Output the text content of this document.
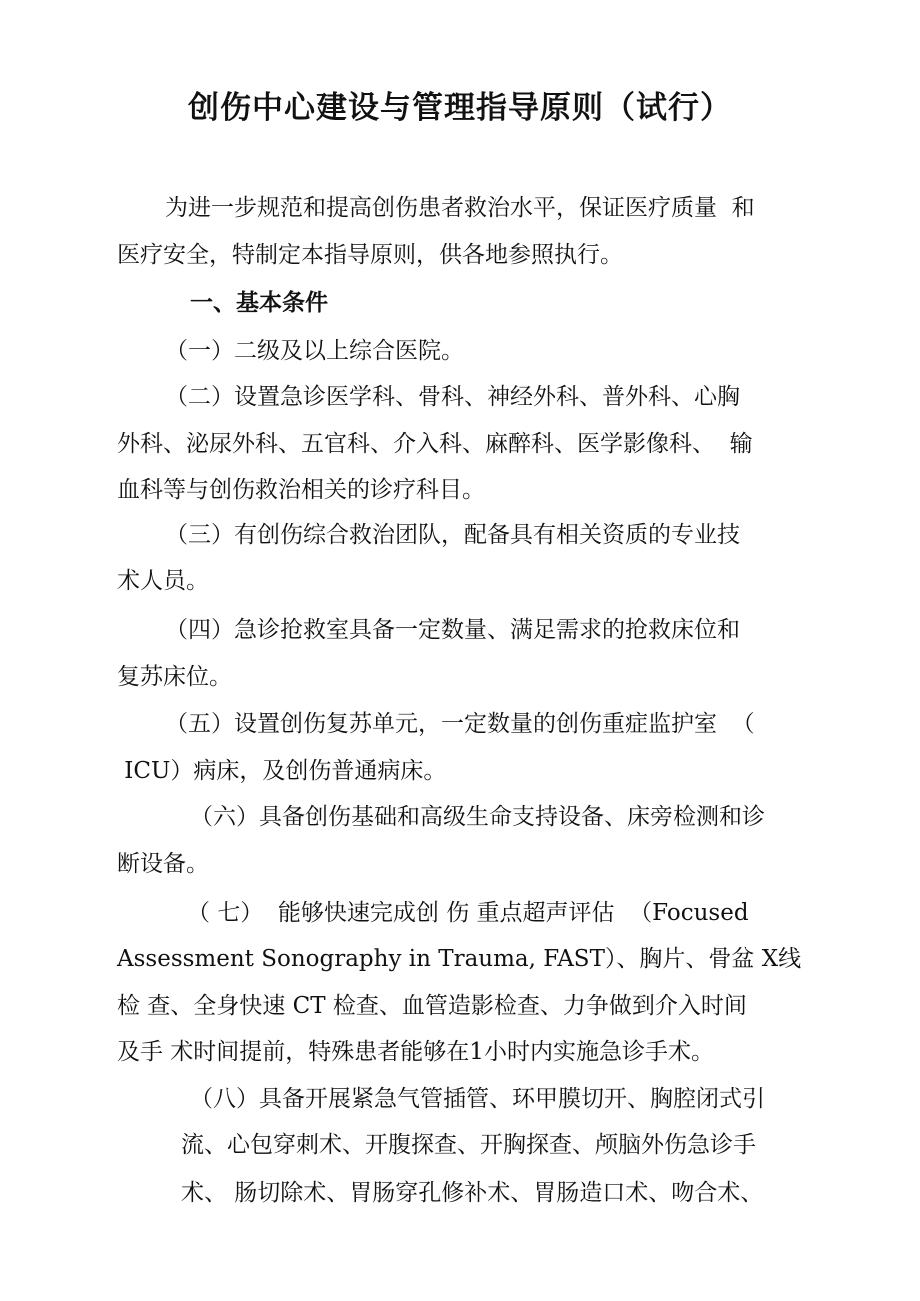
创伤中心建设与管理指导原则（试行）

为进一步规范和提高创伤患者救治水平，保证医疗质量  和

医疗安全，特制定本指导原则，供各地参照执行。

一、基本条件

（一）二级及以上综合医院。

（二）设置急诊医学科、骨科、神经外科、普外科、心胸

外科、泌尿外科、五官科、介入科、麻醉科、医学影像科、  输

血科等与创伤救治相关的诊疗科目。

（三）有创伤综合救治团队，配备具有相关资质的专业技

术人员。

（四）急诊抢救室具备一定数量、满足需求的抢救床位和

复苏床位。

（五）设置创伤复苏单元，一定数量的创伤重症监护室  （

ICU）病床，及创伤普通病床。

（六）具备创伤基础和高级生命支持设备、床旁检测和诊

断设备。

（ 七）  能够快速完成创 伤 重点超声评估  （Focused

Assessment Sonography in Trauma, FAST）、胸片、骨盆 X线

检 查、全身快速 CT 检查、血管造影检查、力争做到介入时间

及手 术时间提前，特殊患者能够在1小时内实施急诊手术。

（八）具备开展紧急气管插管、环甲膜切开、胸腔闭式引

流、心包穿刺术、开腹探查、开胸探查、颅脑外伤急诊手

术、 肠切除术、胃肠穿孔修补术、胃肠造口术、吻合术、
